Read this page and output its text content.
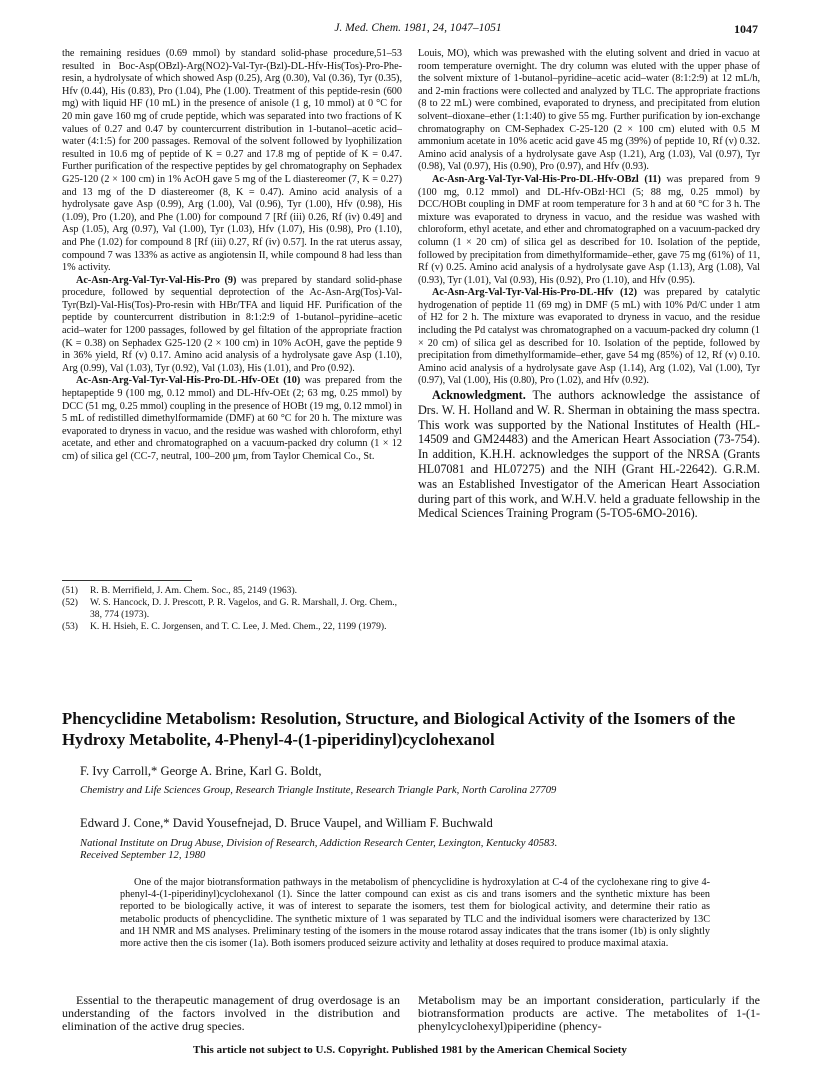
J. Med. Chem. 1981, 24, 1047–1051	1047

the remaining residues (0.69 mmol) by standard solid-phase procedure,51–53 resulted in Boc-Asp(OBzl)-Arg(NO2)-Val-Tyr-(Bzl)-DL-Hfv-His(Tos)-Pro-Phe-resin, a hydrolysate of which showed Asp (0.25), Arg (0.30), Val (0.36), Tyr (0.35), Hfv (0.44), His (0.83), Pro (1.04), Phe (1.00). Treatment of this peptide-resin (600 mg) with liquid HF (10 mL) in the presence of anisole (1 g, 10 mmol) at 0 °C for 20 min gave 160 mg of crude peptide, which was separated into two fractions of K values of 0.27 and 0.47 by countercurrent distribution in 1-butanol–acetic acid–water (4:1:5) for 200 passages. Removal of the solvent followed by lyophilization resulted in 10.6 mg of peptide of K = 0.27 and 17.8 mg of peptide of K = 0.47. Further purification of the respective peptides by gel chromatography on Sephadex G25-120 (2 × 100 cm) in 1% AcOH gave 5 mg of the L diastereomer (7, K = 0.27) and 13 mg of the D diastereomer (8, K = 0.47). Amino acid analysis of a hydrolysate gave Asp (0.99), Arg (1.00), Val (0.96), Tyr (1.00), Hfv (0.98), His (1.09), Pro (1.20), and Phe (1.00) for compound 7 [Rf (iii) 0.26, Rf (iv) 0.49] and Asp (1.05), Arg (0.97), Val (1.00), Tyr (1.03), Hfv (1.07), His (0.98), Pro (1.10), and Phe (1.02) for compound 8 [Rf (iii) 0.27, Rf (iv) 0.57]. In the rat uterus assay, compound 7 was 133% as active as angiotensin II, while compound 8 had less than 1% activity.

Ac-Asn-Arg-Val-Tyr-Val-His-Pro (9) was prepared by standard solid-phase procedure, followed by sequential deprotection of the Ac-Asn-Arg(Tos)-Val-Tyr(Bzl)-Val-His(Tos)-Pro-resin with HBr/TFA and liquid HF. Purification of the peptide by countercurrent distribution in 8:1:2:9 of 1-butanol–pyridine–acetic acid–water for 1200 passages, followed by gel filtation of the appropriate fraction (K = 0.38) on Sephadex G25-120 (2 × 100 cm) in 10% AcOH, gave the peptide 9 in 36% yield, Rf (v) 0.17. Amino acid analysis of a hydrolysate gave Asp (1.10), Arg (0.99), Val (1.03), Tyr (0.92), Val (1.03), His (1.01), and Pro (0.92).

Ac-Asn-Arg-Val-Tyr-Val-His-Pro-DL-Hfv-OEt (10) was prepared from the heptapeptide 9 (100 mg, 0.12 mmol) and DL-Hfv-OEt (2; 63 mg, 0.25 mmol) by DCC (51 mg, 0.25 mmol) coupling in the presence of HOBt (19 mg, 0.12 mmol) in 5 mL of redistilled dimethylformamide (DMF) at 60 °C for 20 h. The mixture was evaporated to dryness in vacuo, and the residue was washed with chloroform, ethyl acetate, and ether and chromatographed on a vacuum-packed dry column (1 × 12 cm) of silica gel (CC-7, neutral, 100–200 μm, from Taylor Chemical Co., St.

(51)	R. B. Merrifield, J. Am. Chem. Soc., 85, 2149 (1963).
(52)	W. S. Hancock, D. J. Prescott, P. R. Vagelos, and G. R. Marshall, J. Org. Chem., 38, 774 (1973).
(53)	K. H. Hsieh, E. C. Jorgensen, and T. C. Lee, J. Med. Chem., 22, 1199 (1979).

Louis, MO), which was prewashed with the eluting solvent and dried in vacuo at room temperature overnight. The dry column was eluted with the upper phase of the solvent mixture of 1-butanol–pyridine–acetic acid–water (8:1:2:9) at 12 mL/h, and 2-min fractions were collected and analyzed by TLC. The appropriate fractions (8 to 22 mL) were combined, evaporated to dryness, and precipitated from elution solvent–dioxane–ether (1:1:40) to give 55 mg. Further purification by ion-exchange chromatography on CM-Sephadex C-25-120 (2 × 100 cm) eluted with 0.5 M ammonium acetate in 10% acetic acid gave 45 mg (39%) of peptide 10, Rf (v) 0.32. Amino acid analysis of a hydrolysate gave Asp (1.21), Arg (1.03), Val (0.97), Tyr (0.98), Val (0.97), His (0.90), Pro (0.97), and Hfv (0.93).

Ac-Asn-Arg-Val-Tyr-Val-His-Pro-DL-Hfv-OBzl (11) was prepared from 9 (100 mg, 0.12 mmol) and DL-Hfv-OBzl·HCl (5; 88 mg, 0.25 mmol) by DCC/HOBt coupling in DMF at room temperature for 3 h and at 60 °C for 3 h. The mixture was evaporated to dryness in vacuo, and the residue was washed with chloroform, ethyl acetate, and ether and chromatographed on a vacuum-packed dry column (1 × 20 cm) of silica gel as described for 10. Isolation of the peptide, followed by precipitation from dimethylformamide–ether, gave 75 mg (61%) of 11, Rf (v) 0.25. Amino acid analysis of a hydrolysate gave Asp (1.13), Arg (1.08), Val (0.93), Tyr (1.01), Val (0.93), His (0.92), Pro (1.10), and Hfv (0.95).

Ac-Asn-Arg-Val-Tyr-Val-His-Pro-DL-Hfv (12) was prepared by catalytic hydrogenation of peptide 11 (69 mg) in DMF (5 mL) with 10% Pd/C under 1 atm of H2 for 2 h. The mixture was evaporated to dryness in vacuo, and the residue including the Pd catalyst was chromatographed on a vacuum-packed dry column (1 × 20 cm) of silica gel as described for 10. Isolation of the peptide, followed by precipitation from dimethylformamide–ether, gave 54 mg (85%) of 12, Rf (v) 0.10. Amino acid analysis of a hydrolysate gave Asp (1.14), Arg (1.02), Val (1.00), Tyr (0.97), Val (1.00), His (0.80), Pro (1.02), and Hfv (0.92).

Acknowledgment. The authors acknowledge the assistance of Drs. W. H. Holland and W. R. Sherman in obtaining the mass spectra. This work was supported by the National Institutes of Health (HL-14509 and GM24483) and the American Heart Association (73-754). In addition, K.H.H. acknowledges the support of the NRSA (Grants HL07081 and HL07275) and the NIH (Grant HL-22642). G.R.M. was an Established Investigator of the American Heart Association during part of this work, and W.H.V. held a graduate fellowship in the Medical Sciences Training Program (5-TO5-6MO-2016).

Phencyclidine Metabolism: Resolution, Structure, and Biological Activity of the Isomers of the Hydroxy Metabolite, 4-Phenyl-4-(1-piperidinyl)cyclohexanol
F. Ivy Carroll,* George A. Brine, Karl G. Boldt,
Chemistry and Life Sciences Group, Research Triangle Institute, Research Triangle Park, North Carolina 27709
Edward J. Cone,* David Yousefnejad, D. Bruce Vaupel, and William F. Buchwald
National Institute on Drug Abuse, Division of Research, Addiction Research Center, Lexington, Kentucky 40583.
Received September 12, 1980

One of the major biotransformation pathways in the metabolism of phencyclidine is hydroxylation at C-4 of the cyclohexane ring to give 4-phenyl-4-(1-piperidinyl)cyclohexanol (1). Since the latter compound can exist as cis and trans isomers and the synthetic mixture has been reported to be biologically active, it was of interest to separate the isomers, test them for biological activity, and determine their ratio as metabolic products of phencyclidine. The synthetic mixture of 1 was separated by TLC and the individual isomers were characterized by 13C and 1H NMR and MS analyses. Preliminary testing of the isomers in the mouse rotarod assay indicates that the trans isomer (1b) is only slightly more active then the cis isomer (1a). Both isomers produced seizure activity and lethality at doses required to produce maximal ataxia.

Essential to the therapeutic management of drug overdosage is an understanding of the factors involved in the distribution and elimination of the active drug species.

Metabolism may be an important consideration, particularly if the biotransformation products are active. The metabolites of 1-(1-phenylcyclohexyl)piperidine (phency-

This article not subject to U.S. Copyright. Published 1981 by the American Chemical Society
